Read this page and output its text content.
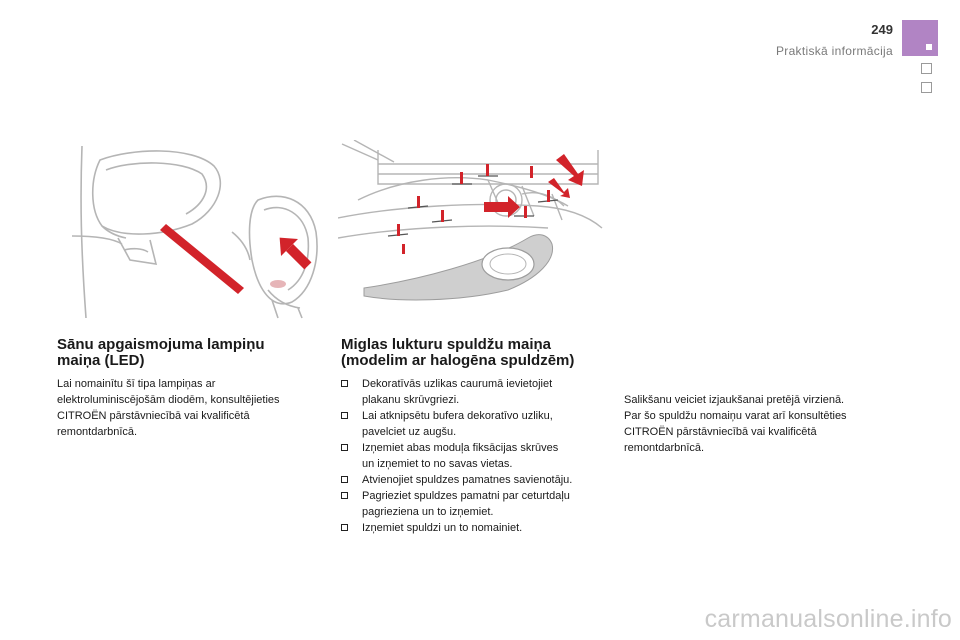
249
Praktiskā informācija
Sānu apgaismojuma lampiņu
maiņa (LED)

Lai nomainītu šī tipa lampiņas ar
elektroluminiscējošām diodēm, konsultējieties
CITROËN pārstāvniecībā vai kvalificētā
remontdarbnīcā.

Miglas lukturu spuldžu maiņa
(modelim ar halogēna spuldzēm)
Dekoratīvās uzlikas caurumā ievietojiet
plakanu skrūvgriezi.
Lai atknipsētu bufera dekoratīvo uzliku,
pavelciet uz augšu.
Izņemiet abas moduļa fiksācijas skrūves
un izņemiet to no savas vietas.
Atvienojiet spuldzes pamatnes savienotāju.
Pagrieziet spuldzes pamatni par ceturtdaļu
pagrieziena un to izņemiet.
Izņemiet spuldzi un to nomainiet.

Salikšanu veiciet izjaukšanai pretējā virzienā.
Par šo spuldžu nomaiņu varat arī konsultēties
CITROËN pārstāvniecībā vai kvalificētā
remontdarbnīcā.

carmanualsonline.info
